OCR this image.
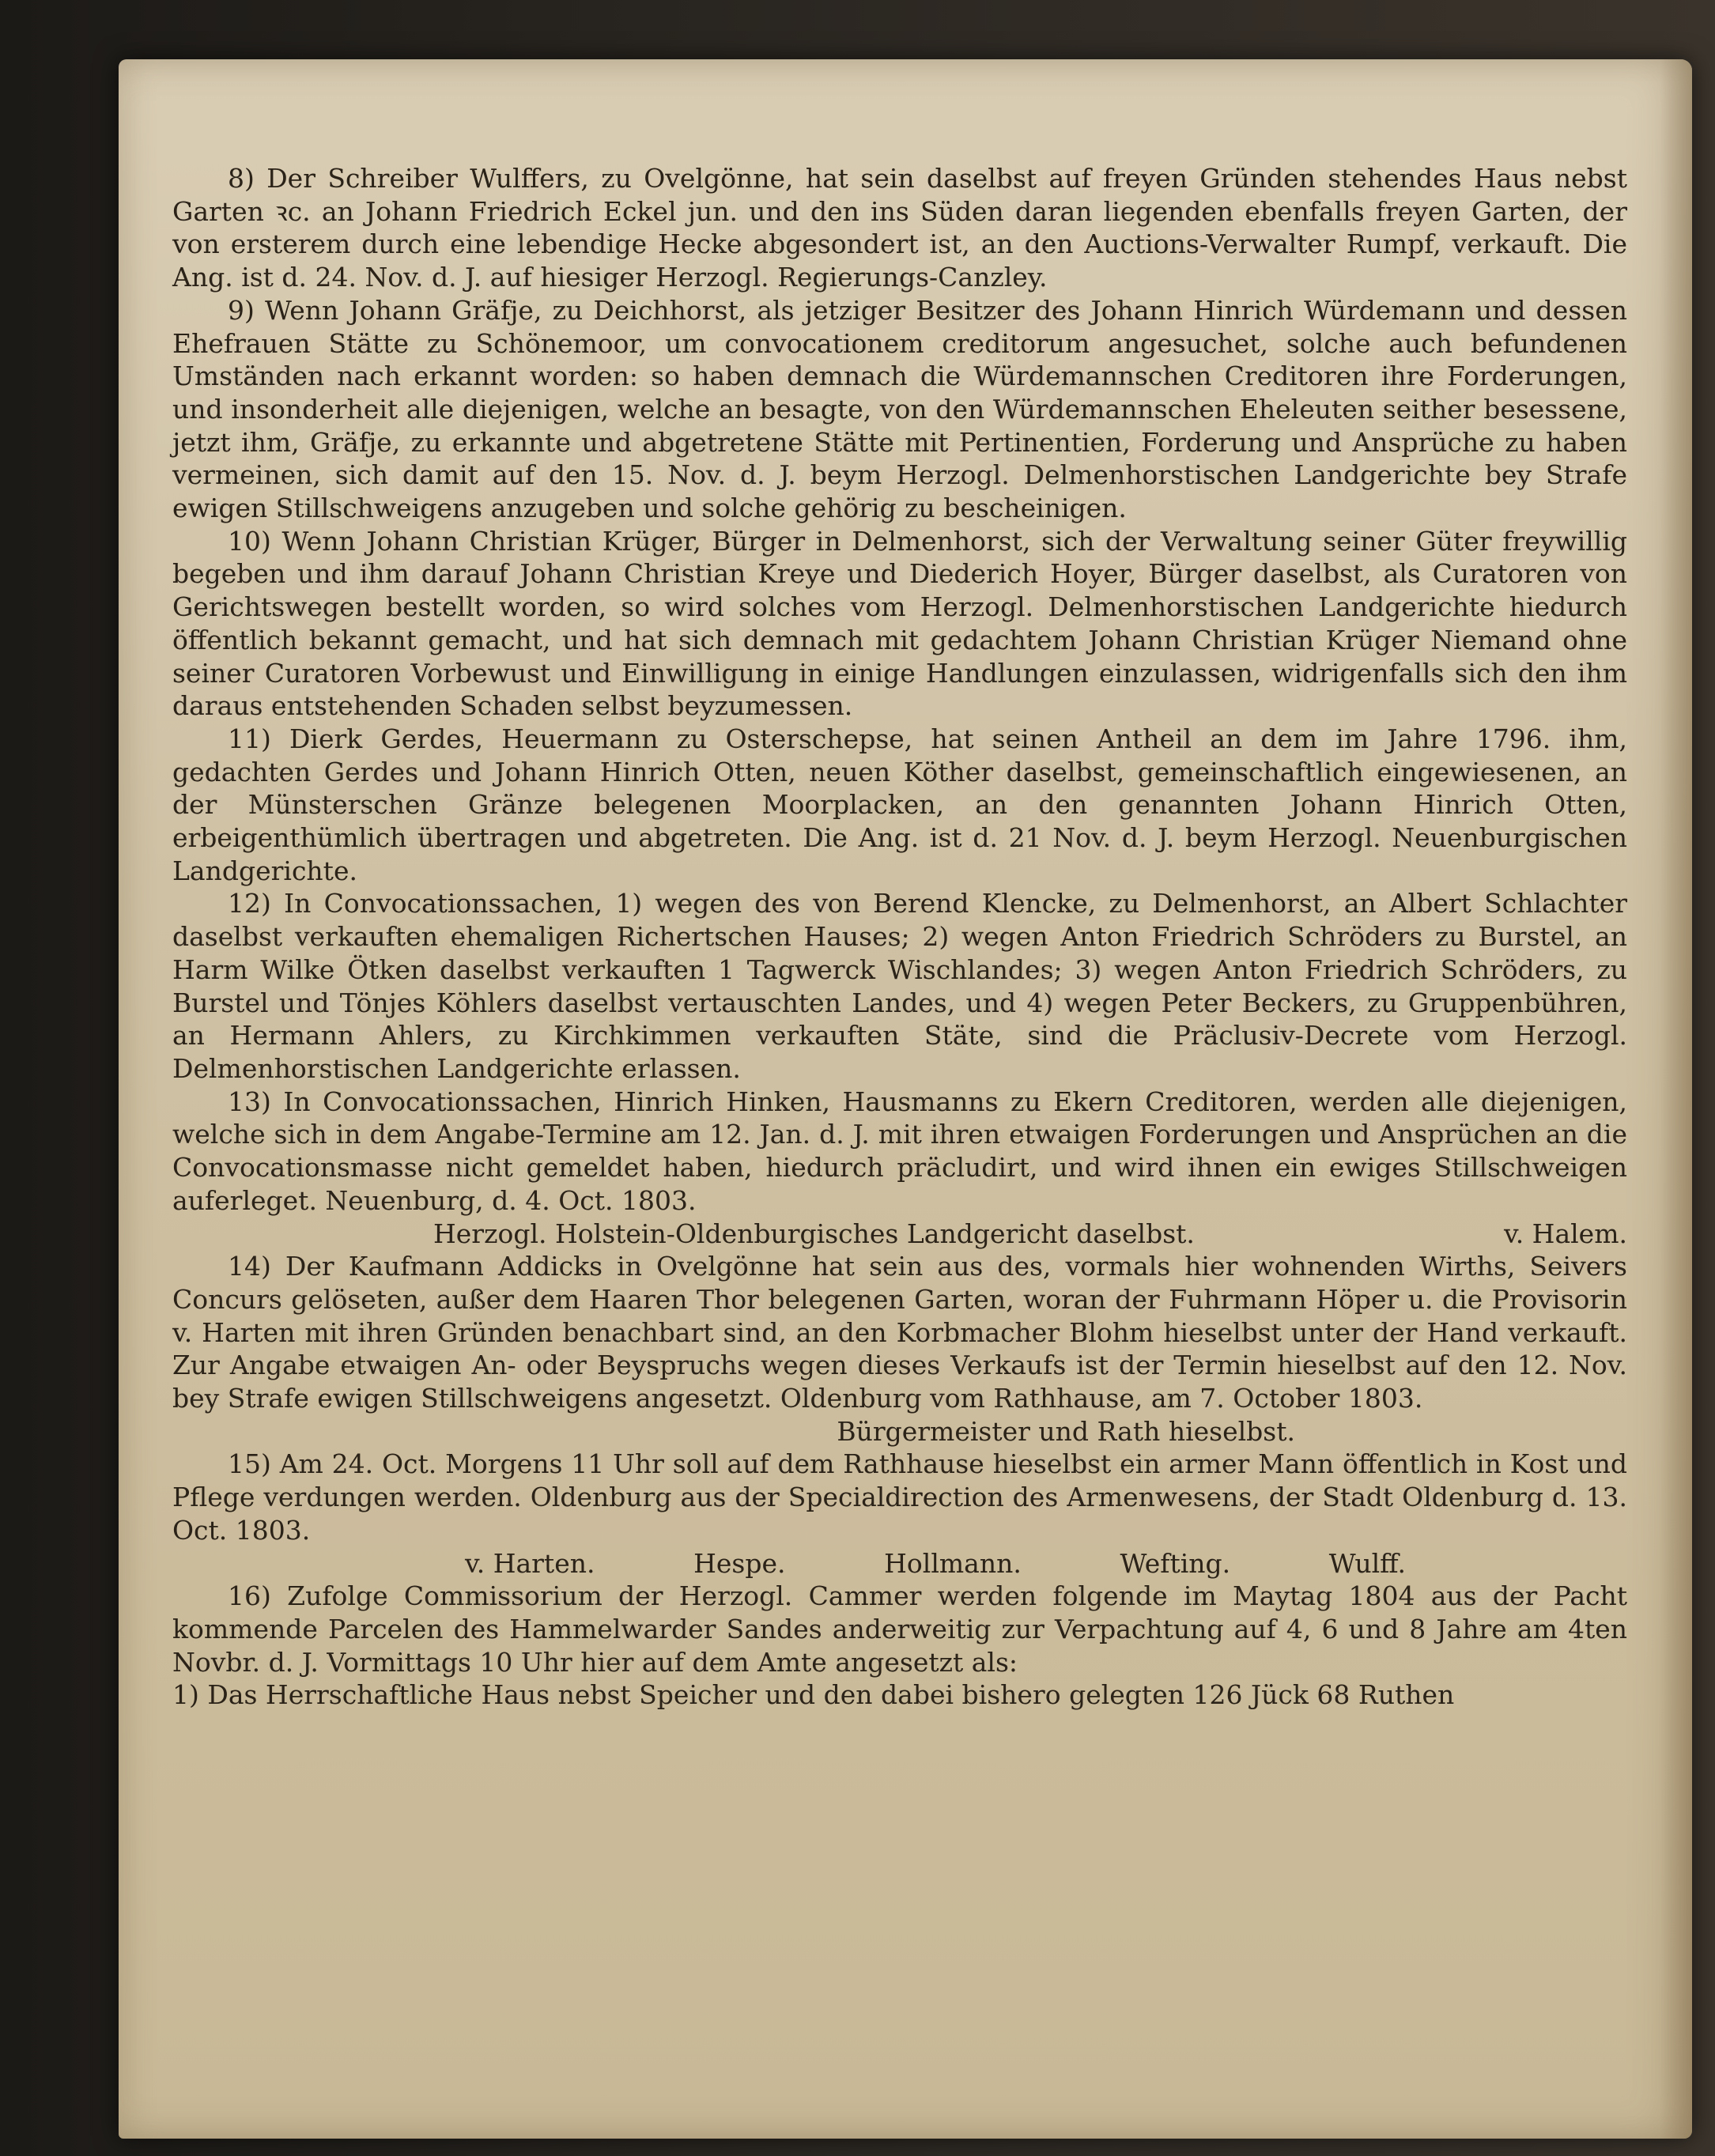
8) Der Schreiber Wulffers, zu Ovelgönne, hat sein daselbst auf freyen Gründen stehendes Haus nebst Garten ꝛc. an Johann Friedrich Eckel jun. und den ins Süden daran liegenden ebenfalls freyen Garten, der von ersterem durch eine lebendige Hecke abgesondert ist, an den Auctions-Verwalter Rumpf, verkauft. Die Ang. ist d. 24. Nov. d. J. auf hiesiger Herzogl. Regierungs-Canzley.

9) Wenn Johann Gräfje, zu Deichhorst, als jetziger Besitzer des Johann Hinrich Würdemann und dessen Ehefrauen Stätte zu Schönemoor, um convocationem creditorum angesuchet, solche auch befundenen Umständen nach erkannt worden: so haben demnach die Würdemannschen Creditoren ihre Forderungen, und insonderheit alle diejenigen, welche an besagte, von den Würdemannschen Eheleuten seither besessene, jetzt ihm, Gräfje, zu erkannte und abgetretene Stätte mit Pertinentien, Forderung und Ansprüche zu haben vermeinen, sich damit auf den 15. Nov. d. J. beym Herzogl. Delmenhorstischen Landgerichte bey Strafe ewigen Stillschweigens anzugeben und solche gehörig zu bescheinigen.

10) Wenn Johann Christian Krüger, Bürger in Delmenhorst, sich der Verwaltung seiner Güter freywillig begeben und ihm darauf Johann Christian Kreye und Diederich Hoyer, Bürger daselbst, als Curatoren von Gerichtswegen bestellt worden, so wird solches vom Herzogl. Delmenhorstischen Landgerichte hiedurch öffentlich bekannt gemacht, und hat sich demnach mit gedachtem Johann Christian Krüger Niemand ohne seiner Curatoren Vorbewust und Einwilligung in einige Handlungen einzulassen, widrigenfalls sich den ihm daraus entstehenden Schaden selbst beyzumessen.

11) Dierk Gerdes, Heuermann zu Osterschepse, hat seinen Antheil an dem im Jahre 1796. ihm, gedachten Gerdes und Johann Hinrich Otten, neuen Köther daselbst, gemeinschaftlich eingewiesenen, an der Münsterschen Gränze belegenen Moorplacken, an den genannten Johann Hinrich Otten, erbeigenthümlich übertragen und abgetreten. Die Ang. ist d. 21 Nov. d. J. beym Herzogl. Neuenburgischen Landgerichte.

12) In Convocationssachen, 1) wegen des von Berend Klencke, zu Delmenhorst, an Albert Schlachter daselbst verkauften ehemaligen Richertschen Hauses; 2) wegen Anton Friedrich Schröders zu Burstel, an Harm Wilke Ötken daselbst verkauften 1 Tagwerck Wischlandes; 3) wegen Anton Friedrich Schröders, zu Burstel und Tönjes Köhlers daselbst vertauschten Landes, und 4) wegen Peter Beckers, zu Gruppenbühren, an Hermann Ahlers, zu Kirchkimmen verkauften Stäte, sind die Präclusiv-Decrete vom Herzogl. Delmenhorstischen Landgerichte erlassen.

13) In Convocationssachen, Hinrich Hinken, Hausmanns zu Ekern Creditoren, werden alle diejenigen, welche sich in dem Angabe-Termine am 12. Jan. d. J. mit ihren etwaigen Forderungen und Ansprüchen an die Convocationsmasse nicht gemeldet haben, hiedurch präcludirt, und wird ihnen ein ewiges Stillschweigen auferleget. Neuenburg, d. 4. Oct. 1803.

Herzogl. Holstein-Oldenburgisches Landgericht daselbst.	v. Halem.

14) Der Kaufmann Addicks in Ovelgönne hat sein aus des, vormals hier wohnenden Wirths, Seivers Concurs gelöseten, außer dem Haaren Thor belegenen Garten, woran der Fuhrmann Höper u. die Provisorin v. Harten mit ihren Gründen benachbart sind, an den Korbmacher Blohm hieselbst unter der Hand verkauft. Zur Angabe etwaigen An- oder Beyspruchs wegen dieses Verkaufs ist der Termin hieselbst auf den 12. Nov. bey Strafe ewigen Stillschweigens angesetzt. Oldenburg vom Rathhause, am 7. October 1803.

Bürgermeister und Rath hieselbst.

15) Am 24. Oct. Morgens 11 Uhr soll auf dem Rathhause hieselbst ein armer Mann öffentlich in Kost und Pflege verdungen werden. Oldenburg aus der Specialdirection des Armenwesens, der Stadt Oldenburg d. 13. Oct. 1803.

v. Harten.	Hespe.	Hollmann.	Wefting.	Wulff.

16) Zufolge Commissorium der Herzogl. Cammer werden folgende im Maytag 1804 aus der Pacht kommende Parcelen des Hammelwarder Sandes anderweitig zur Verpachtung auf 4, 6 und 8 Jahre am 4ten Novbr. d. J. Vormittags 10 Uhr hier auf dem Amte angesetzt als:

1) Das Herrschaftliche Haus nebst Speicher und den dabei bishero gelegten 126 Jück 68 Ruthen
